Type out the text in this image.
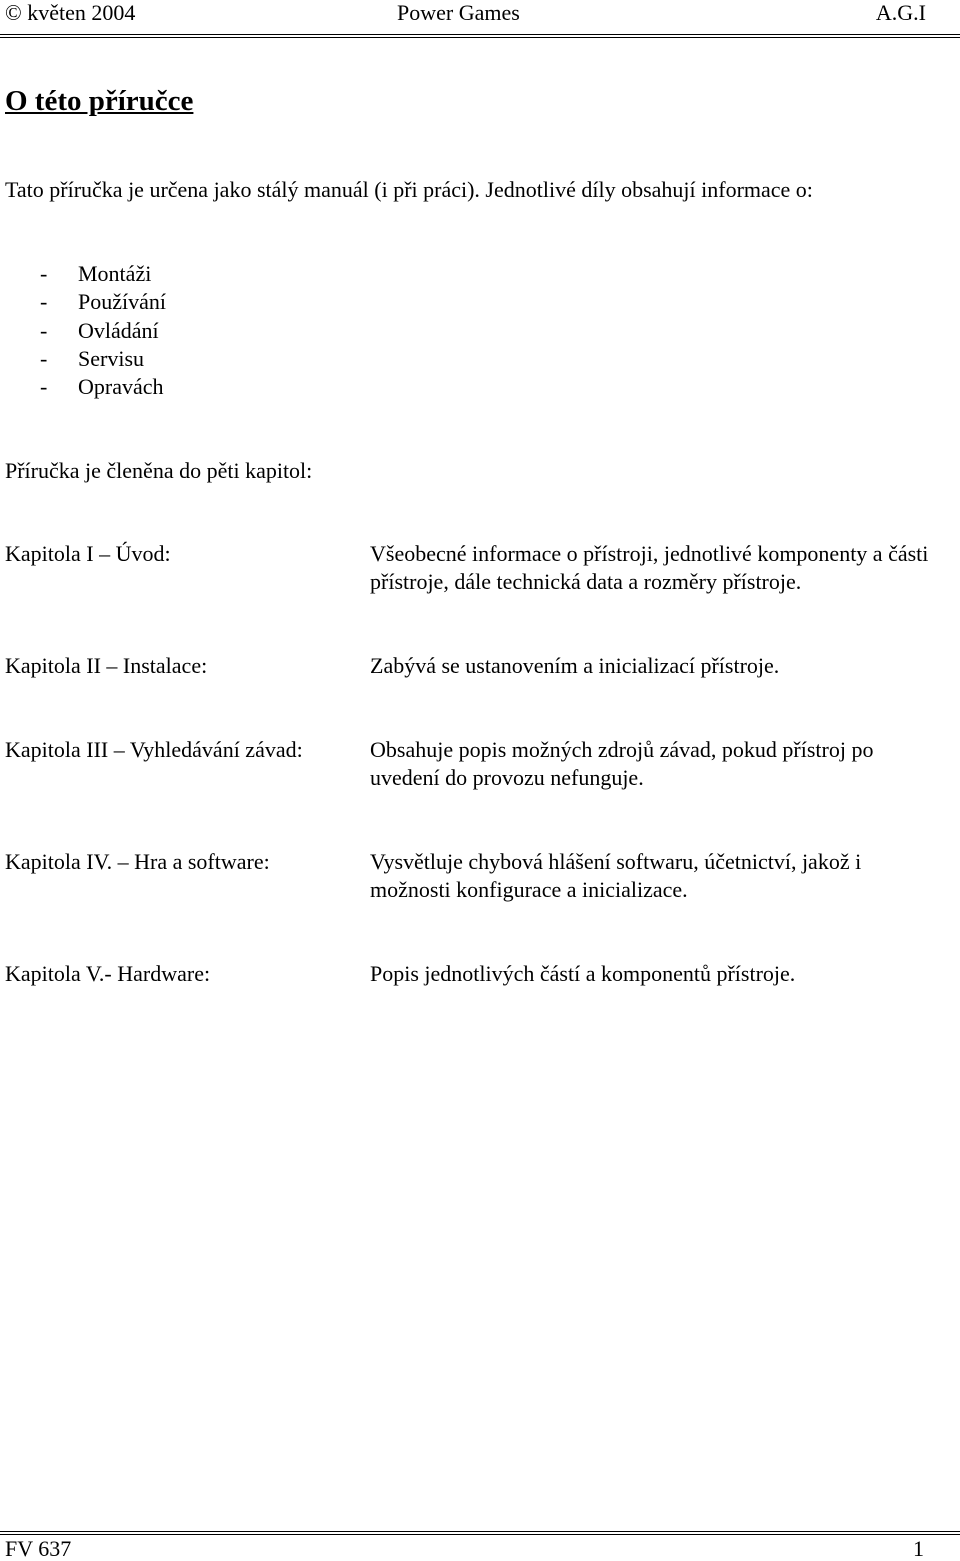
© květen 2004	Power Games	A.G.I
O této příručce

Tato příručka je určena jako stálý manuál (i při práci). Jednotlivé díly obsahují informace o:

- Montáži
- Používání
- Ovládání
- Servisu
- Opravách

Příručka je členěna do pěti kapitol:

Kapitola I – Úvod:	Všeobecné informace o přístroji, jednotlivé komponenty a části přístroje, dále technická data a rozměry přístroje.
Kapitola II – Instalace:	Zabývá se ustanovením a inicializací přístroje.
Kapitola III – Vyhledávání závad:	Obsahuje popis možných zdrojů závad, pokud přístroj po uvedení do provozu nefunguje.
Kapitola IV. – Hra a software:	Vysvětluje chybová hlášení softwaru, účetnictví, jakož i možnosti konfigurace a inicializace.
Kapitola V.- Hardware:	Popis jednotlivých částí a komponentů přístroje.
FV 637	1
